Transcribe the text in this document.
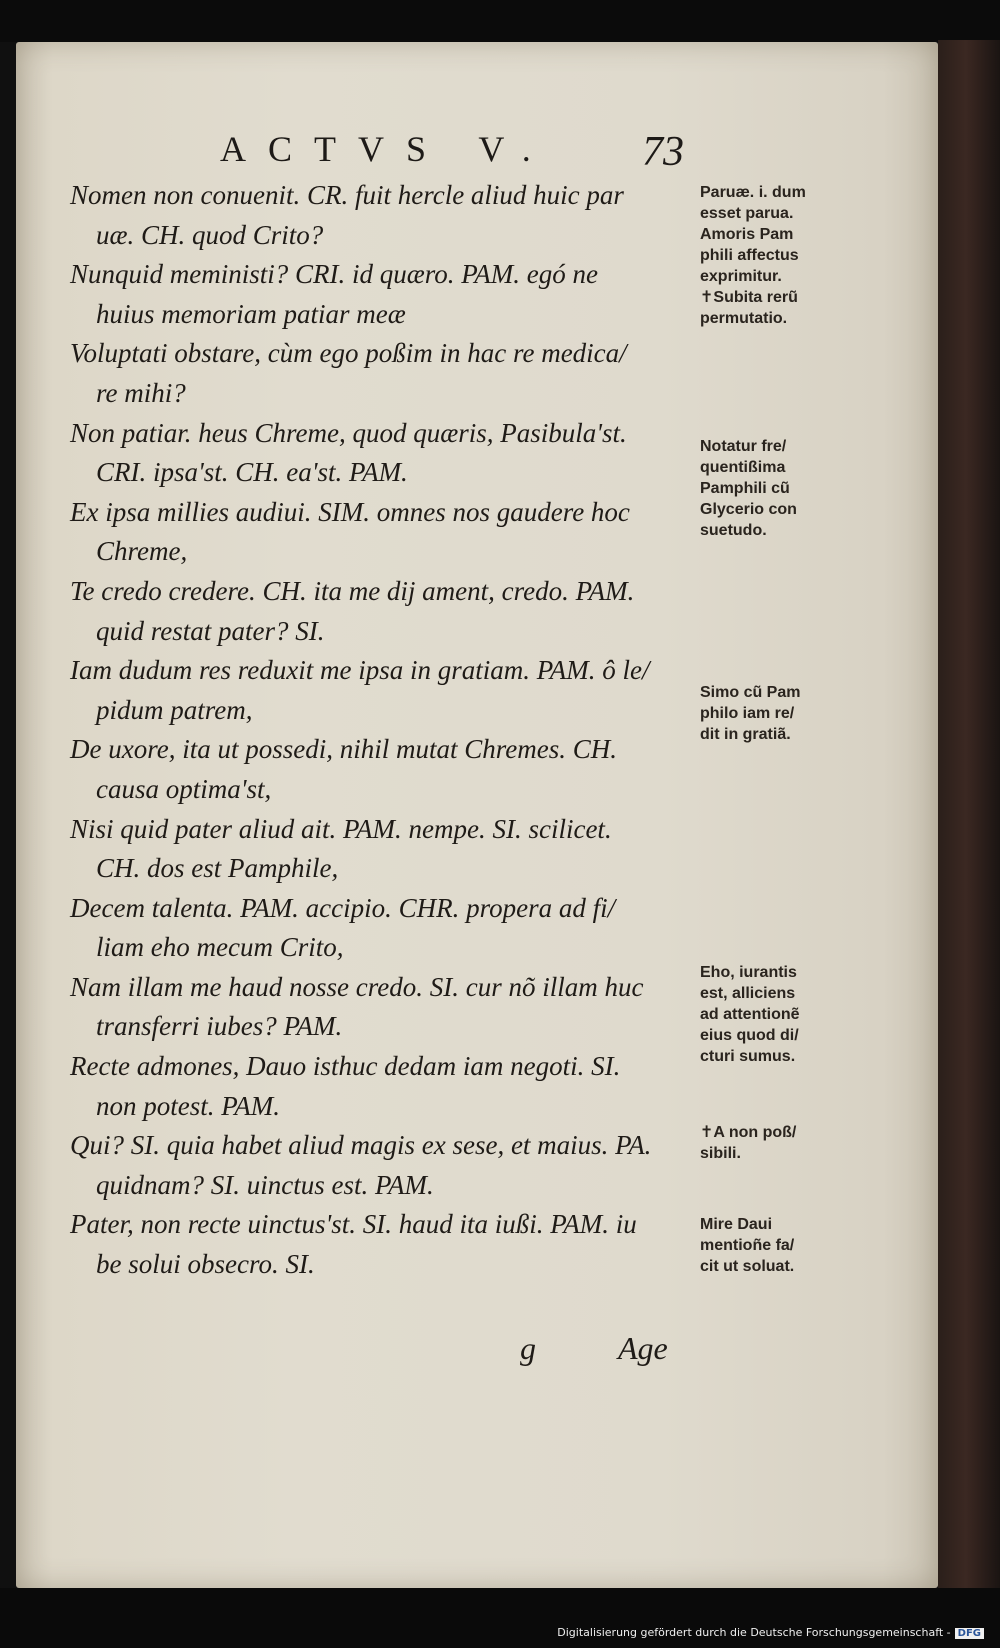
ACTVS V. 73

Nomen non conuenit. CR. fuit hercle aliud huic par
uæ. CH. quod Crito?

Nunquid meministi? CRI. id quæro. PAM. egó ne
huius memoriam patiar meæ

Voluptati obstare, cùm ego poßim in hac re medica/
re mihi?

Non patiar. heus Chreme, quod quæris, Pasibula'st.
CRI. ipsa'st. CH. ea'st. PAM.

Ex ipsa millies audiui. SIM. omnes nos gaudere hoc
Chreme,

Te credo credere. CH. ita me dij ament, credo. PAM.
quid restat pater? SI.

Iam dudum res reduxit me ipsa in gratiam. PAM. ô le/
pidum patrem,

De uxore, ita ut possedi, nihil mutat Chremes. CH.
causa optima'st,

Nisi quid pater aliud ait. PAM. nempe. SI. scilicet.
CH. dos est Pamphile,

Decem talenta. PAM. accipio. CHR. propera ad fi/
liam eho mecum Crito,

Nam illam me haud nosse credo. SI. cur nõ illam huc
transferri iubes? PAM.

Recte admones, Dauo isthuc dedam iam negoti. SI.
non potest. PAM.

Qui? SI. quia habet aliud magis ex sese, et maius. PA.
quidnam? SI. uinctus est. PAM.

Pater, non recte uinctus'st. SI. haud ita iußi. PAM. iu
be solui obsecro. SI.

Paruæ. i. dum
esset parua.
Amoris Pam
phili affectus
exprimitur.
✝Subita rerũ
permutatio.
Notatur fre/
quentißima
Pamphili cũ
Glycerio con
suetudo.
Simo cũ Pam
philo iam re/
dit in gratiã.
Eho, iurantis
est, alliciens
ad attentionẽ
eius quod di/
cturi sumus.
✝A non poß/
sibili.
Mire Daui
mentioñe fa/
cit ut soluat.
g	Age
Digitalisierung gefördert durch die Deutsche Forschungsgemeinschaft - DFG
